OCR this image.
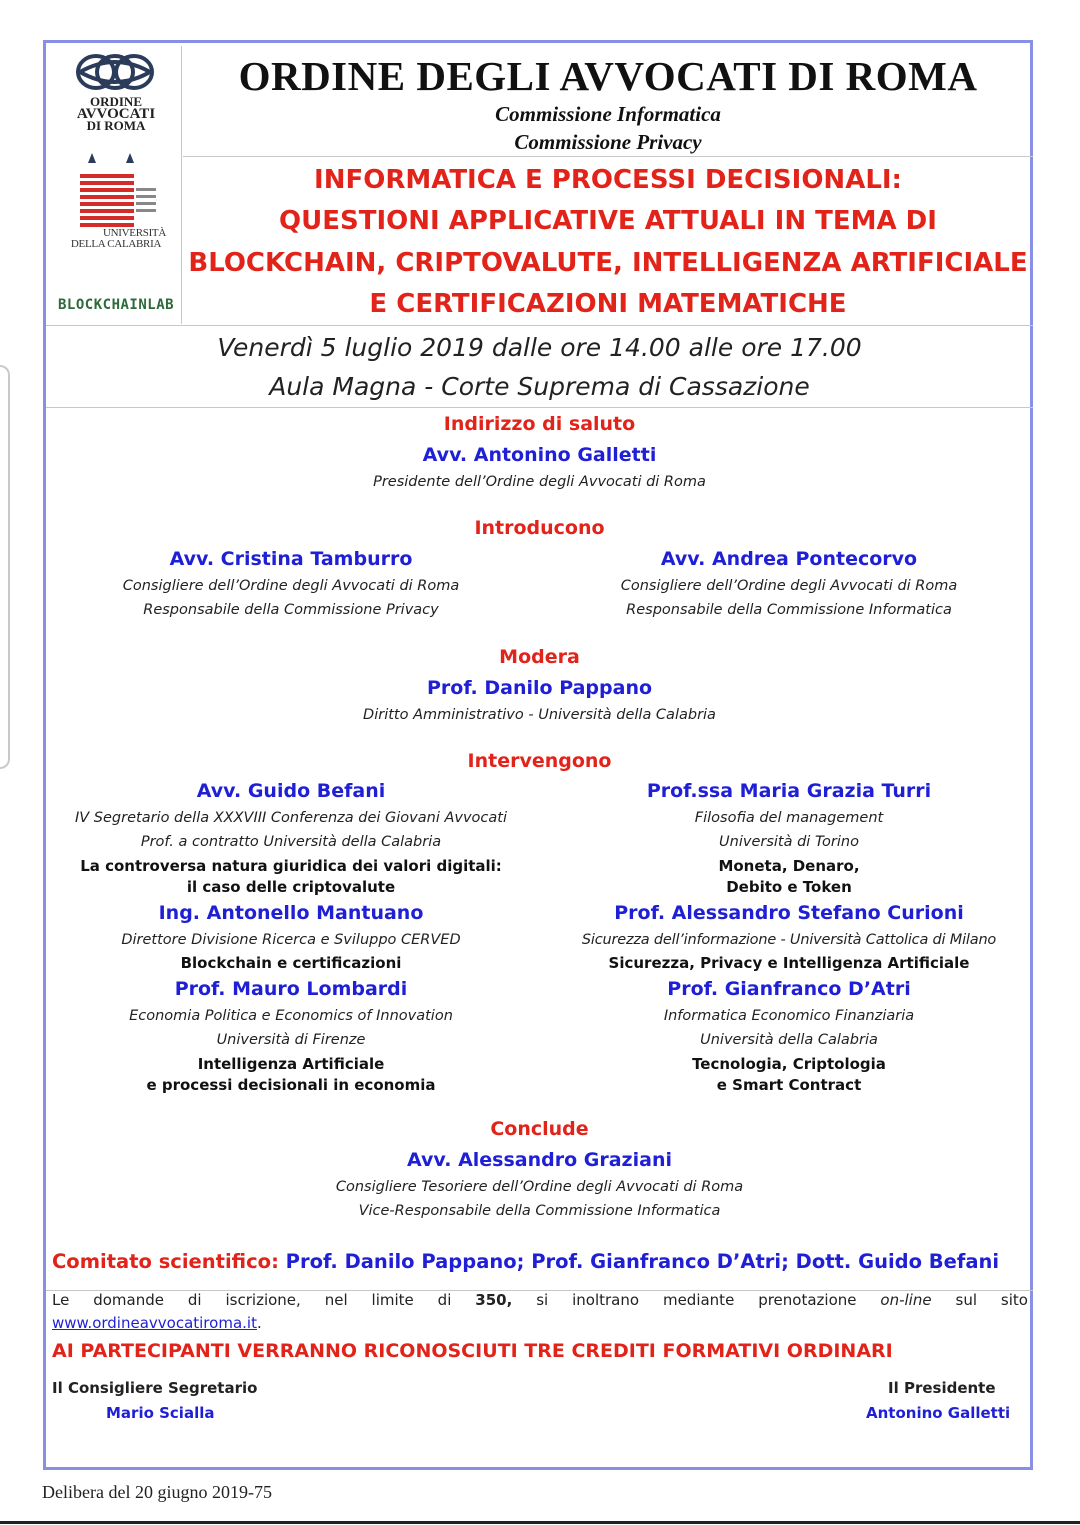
ORDINE
AVVOCATI
DI ROMA
UNIVERSITÀ
DELLA CALABRIA
BLOCKCHAINLAB
ORDINE DEGLI AVVOCATI DI ROMA
Commissione Informatica
Commissione Privacy
INFORMATICA E PROCESSI DECISIONALI:
QUESTIONI APPLICATIVE ATTUALI IN TEMA DI
BLOCKCHAIN, CRIPTOVALUTE, INTELLIGENZA ARTIFICIALE
E CERTIFICAZIONI MATEMATICHE
Venerdì 5 luglio 2019 dalle ore 14.00 alle ore 17.00
Aula Magna - Corte Suprema di Cassazione
Indirizzo di saluto
Avv. Antonino Galletti
Presidente dell’Ordine degli Avvocati di Roma
Introducono
Avv. Cristina Tamburro
Consigliere dell’Ordine degli Avvocati di Roma
Responsabile della Commissione Privacy
Avv. Andrea Pontecorvo
Consigliere dell’Ordine degli Avvocati di Roma
Responsabile della Commissione Informatica
Modera
Prof. Danilo Pappano
Diritto Amministrativo - Università della Calabria
Intervengono
Avv. Guido Befani
IV Segretario della XXXVIII Conferenza dei Giovani Avvocati
Prof. a contratto Università della Calabria
La controversa natura giuridica dei valori digitali:
il caso delle criptovalute
Ing. Antonello Mantuano
Direttore Divisione Ricerca e Sviluppo CERVED
Blockchain e certificazioni
Prof. Mauro Lombardi
Economia Politica e Economics of Innovation
Università di Firenze
Intelligenza Artificiale
e processi decisionali in economia
Prof.ssa Maria Grazia Turri
Filosofia del management
Università di Torino
Moneta, Denaro,
Debito e Token
Prof. Alessandro Stefano Curioni
Sicurezza dell’informazione - Università Cattolica di Milano
Sicurezza, Privacy e Intelligenza Artificiale
Prof. Gianfranco D’Atri
Informatica Economico Finanziaria
Università della Calabria
Tecnologia, Criptologia
e Smart Contract
Conclude
Avv. Alessandro Graziani
Consigliere Tesoriere dell’Ordine degli Avvocati di Roma
Vice-Responsabile della Commissione Informatica
Comitato scientifico: Prof. Danilo Pappano; Prof. Gianfranco D’Atri; Dott. Guido Befani
Le domande di iscrizione, nel limite di 350, si inoltrano mediante prenotazione on-line sul sito
www.ordineavvocatiroma.it.
AI PARTECIPANTI VERRANNO RICONOSCIUTI TRE CREDITI FORMATIVI ORDINARI
Il Consigliere Segretario
Mario Scialla
Il Presidente
Antonino Galletti
Delibera del 20 giugno 2019-75
